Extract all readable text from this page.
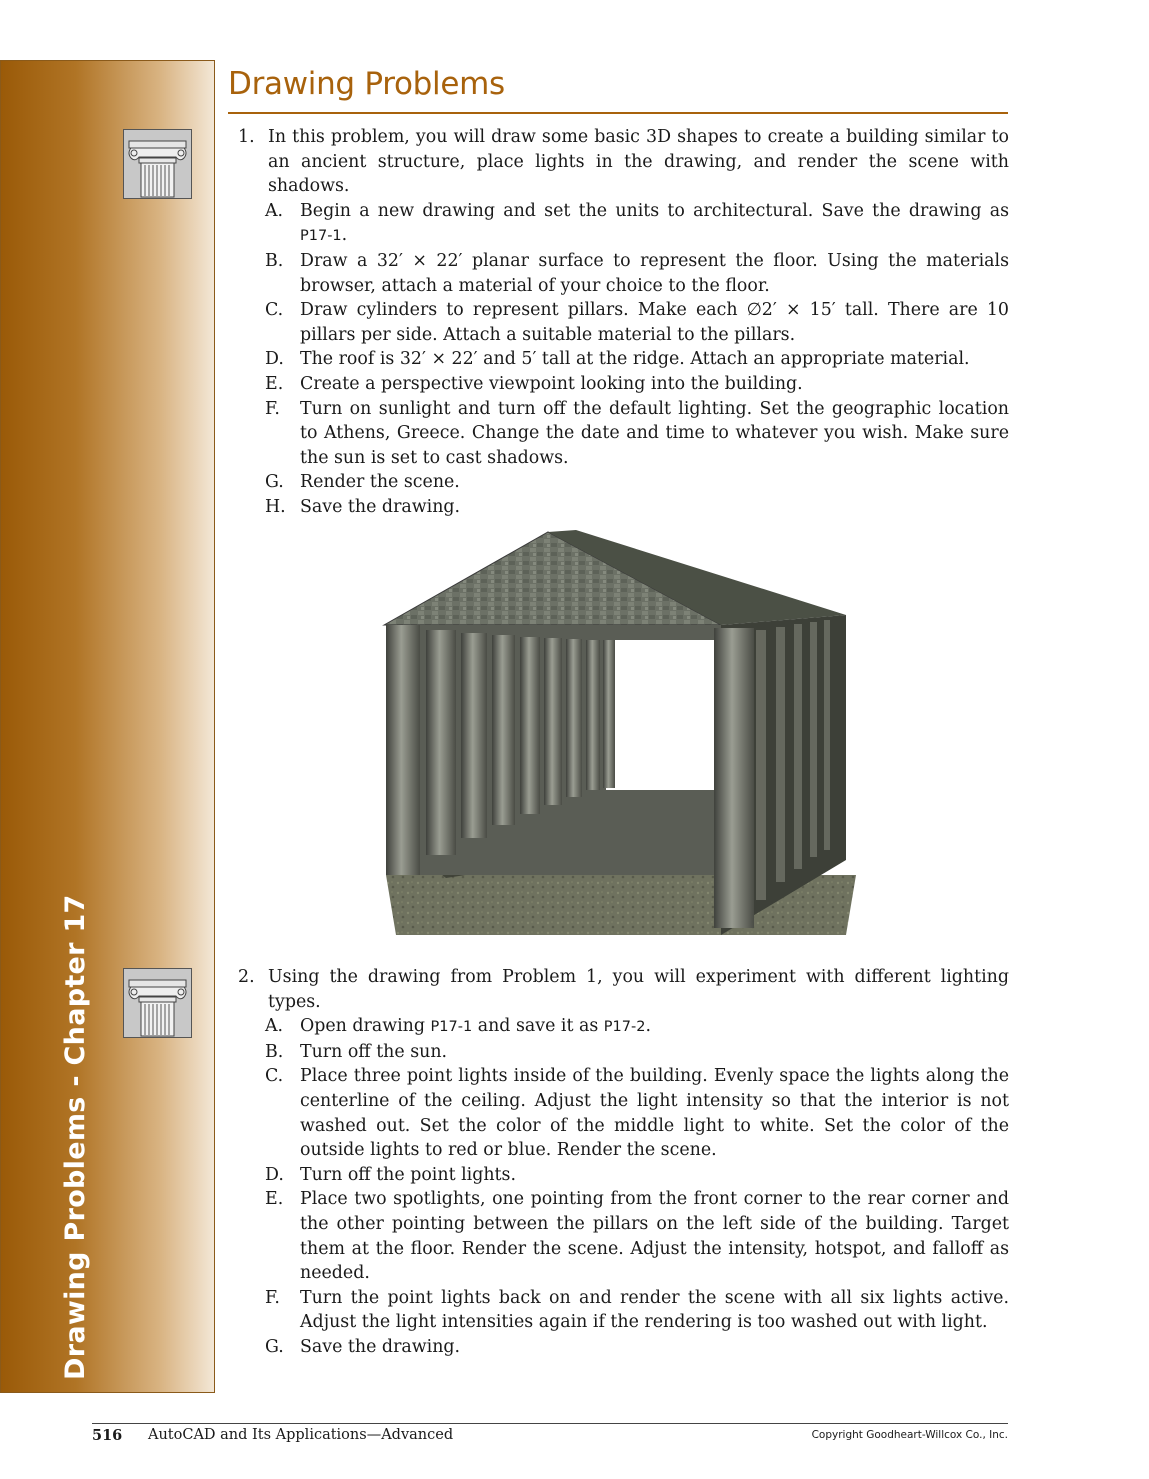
Drawing Problems - Chapter 17
Drawing Problems
1. In this problem, you will draw some basic 3D shapes to create a building similar to an ancient structure, place lights in the drawing, and render the scene with shadows.
A. Begin a new drawing and set the units to architectural. Save the drawing as P17-1.
B. Draw a 32′ × 22′ planar surface to represent the floor. Using the materials browser, attach a material of your choice to the floor.
C. Draw cylinders to represent pillars. Make each ∅2′ × 15′ tall. There are 10 pillars per side. Attach a suitable material to the pillars.
D. The roof is 32′ × 22′ and 5′ tall at the ridge. Attach an appropriate material.
E. Create a perspective viewpoint looking into the building.
F.	Turn on sunlight and turn off the default lighting. Set the geographic location to Athens, Greece. Change the date and time to whatever you wish. Make sure the sun is set to cast shadows.
G. Render the scene.
H. Save the drawing.
2. Using the drawing from Problem 1, you will experiment with different lighting types.
A. Open drawing P17-1 and save it as P17-2.
B. Turn off the sun.
C. Place three point lights inside of the building. Evenly space the lights along the centerline of the ceiling. Adjust the light intensity so that the interior is not washed out. Set the color of the middle light to white. Set the color of the outside lights to red or blue. Render the scene.
D. Turn off the point lights.
E. Place two spotlights, one pointing from the front corner to the rear corner and the other pointing between the pillars on the left side of the building. Target them at the floor. Render the scene. Adjust the intensity, hotspot, and falloff as needed.
F.	Turn the point lights back on and render the scene with all six lights active. Adjust the light intensities again if the rendering is too washed out with light.
G. Save the drawing.
516 AutoCAD and Its Applications—Advanced	Copyright Goodheart-Willcox Co., Inc.
